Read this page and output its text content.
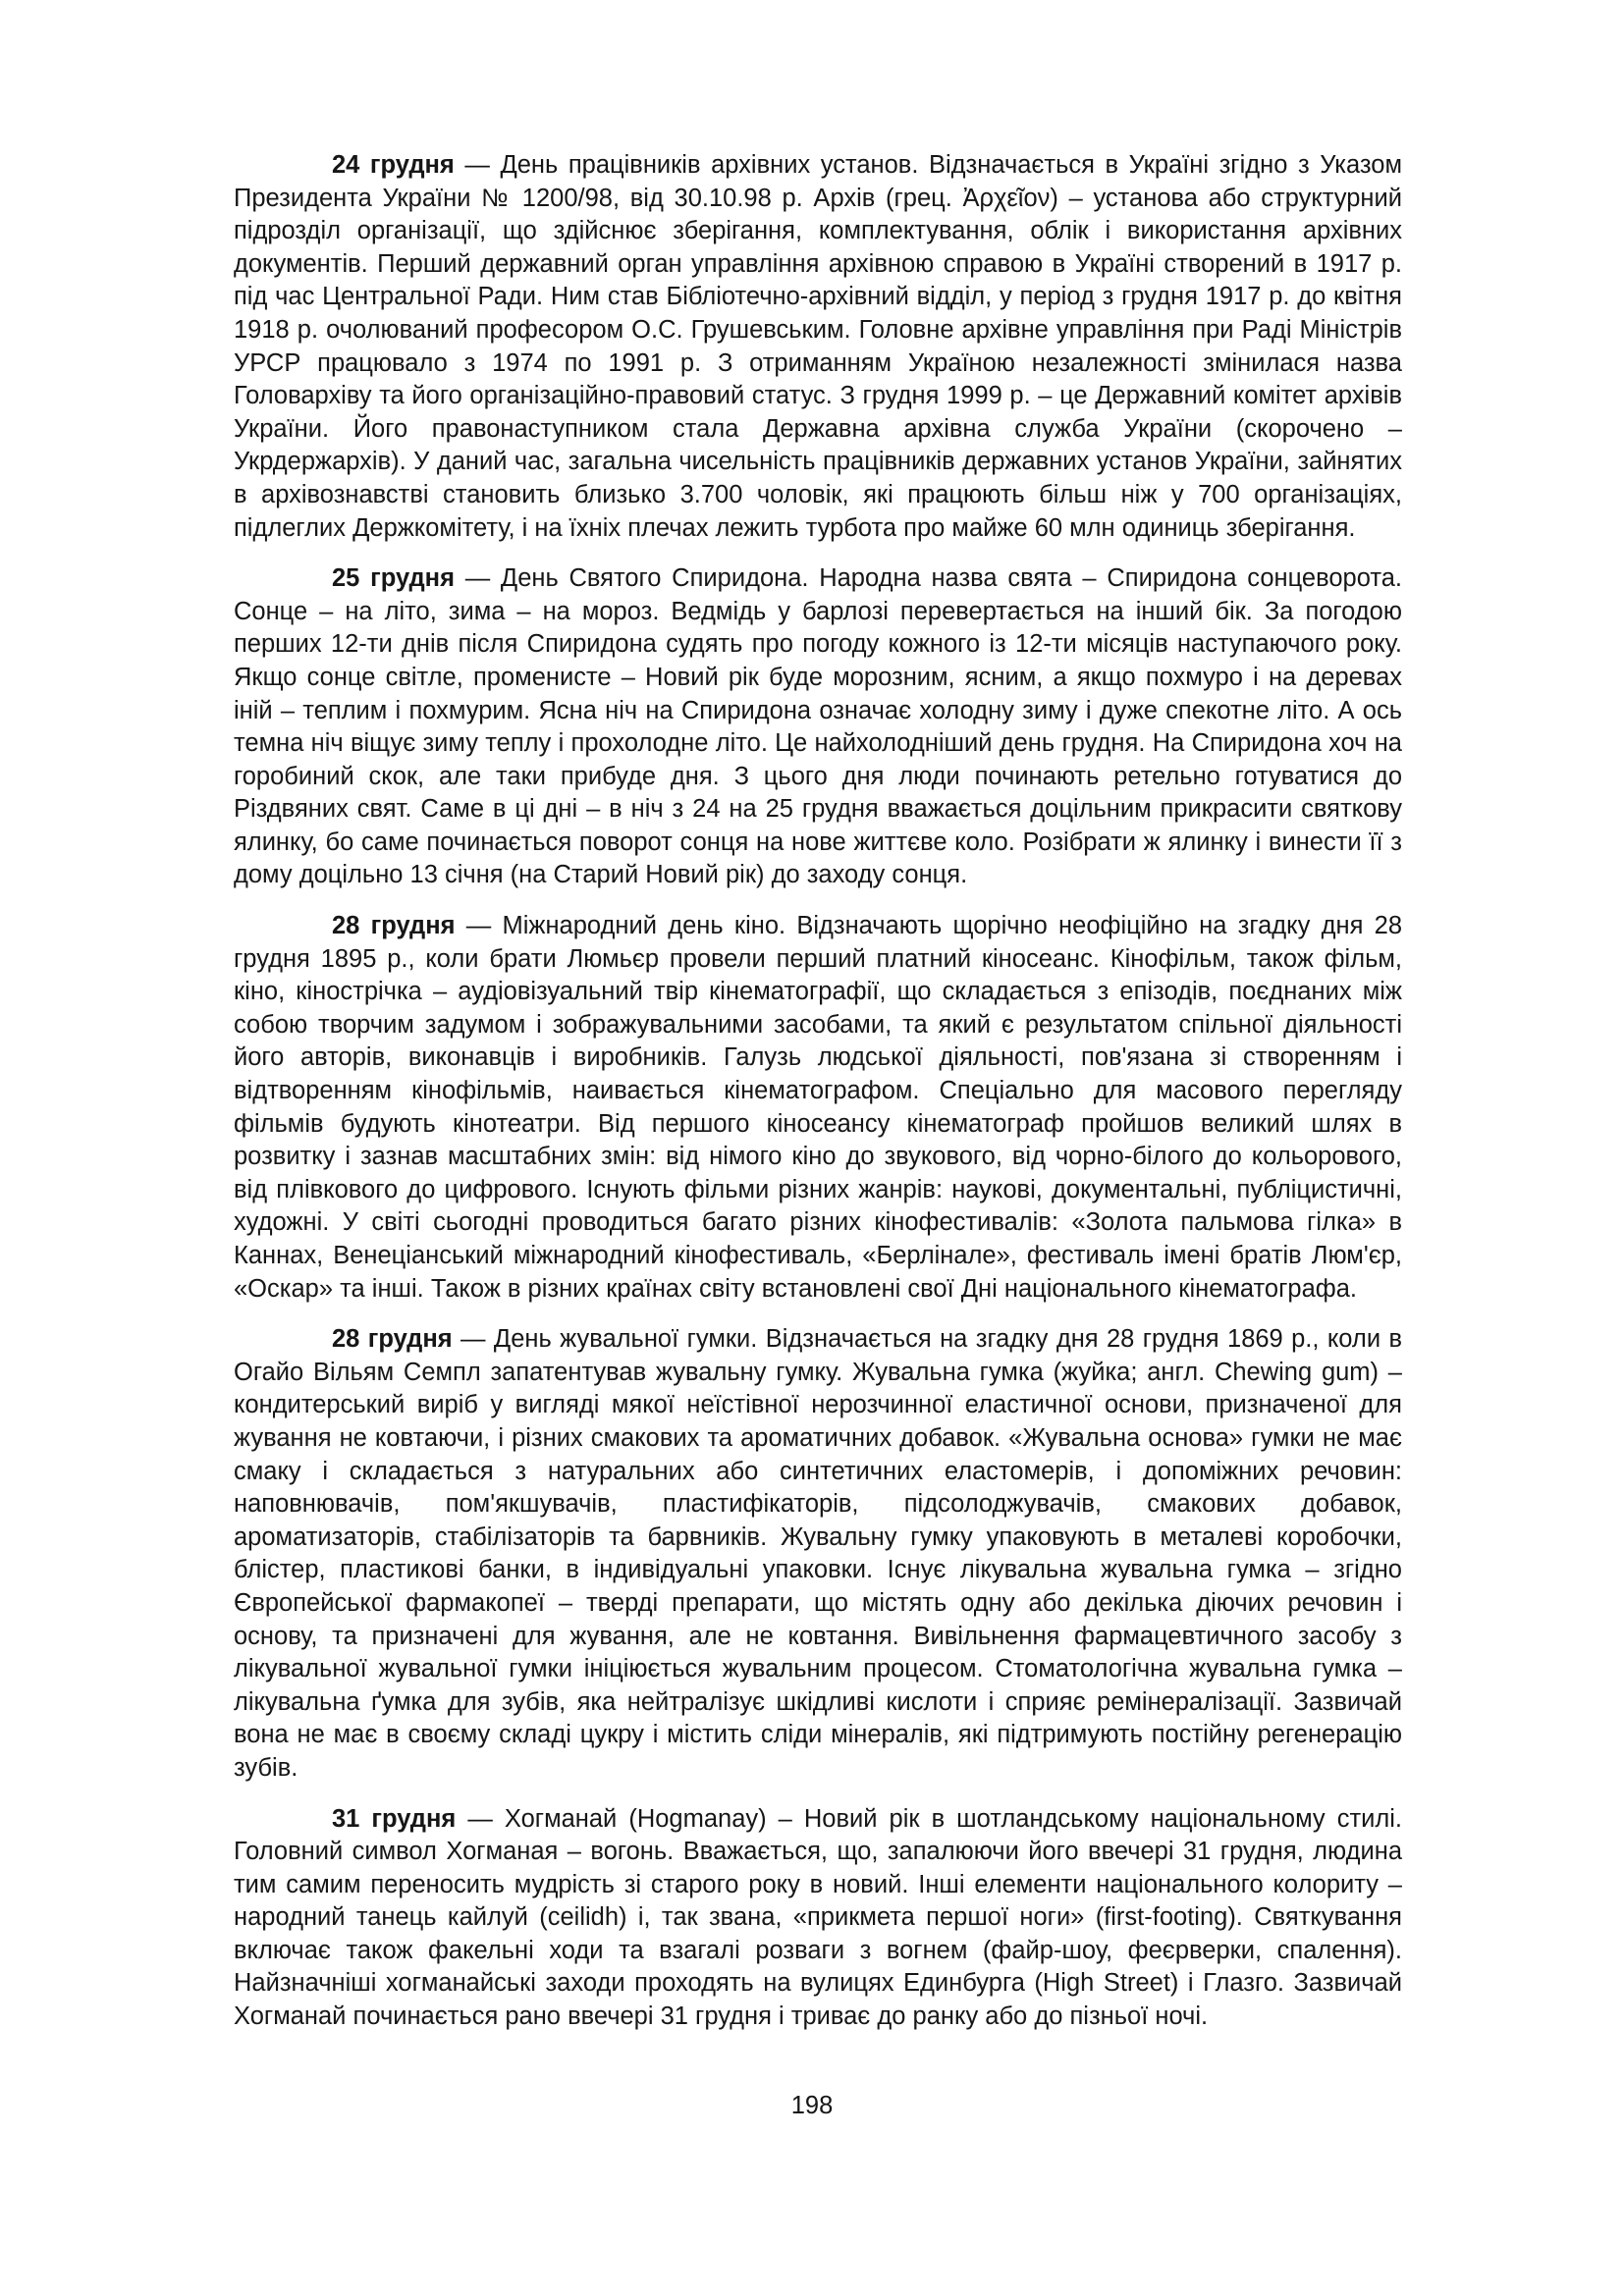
24 грудня — День працівників архівних установ. Відзначається в Україні згідно з Указом Президента України № 1200/98, від 30.10.98 р. Архів (грец. Ἀρχεῖον) – установа або структурний підрозділ організації, що здійснює зберігання, комплектування, облік і використання архівних документів. Перший державний орган управління архівною справою в Україні створений в 1917 р. під час Центральної Ради. Ним став Бібліотечно-архівний відділ, у період з грудня 1917 р. до квітня 1918 р. очолюваний професором О.С. Грушевським. Головне архівне управління при Раді Міністрів УРСР працювало з 1974 по 1991 р. З отриманням Україною незалежності змінилася назва Головархіву та його організаційно-правовий статус. З грудня 1999 р. – це Державний комітет архівів України. Його правонаступником стала Державна архівна служба України (скорочено – Укрдержархів). У даний час, загальна чисельність працівників державних установ України, зайнятих в архівознавстві становить близько 3.700 чоловік, які працюють більш ніж у 700 організаціях, підлеглих Держкомітету, і на їхніх плечах лежить турбота про майже 60 млн одиниць зберігання.

25 грудня — День Святого Спиридона. Народна назва свята – Спиридона сонцеворота. Сонце – на літо, зима – на мороз. Ведмідь у барлозі перевертається на інший бік. За погодою перших 12-ти днів після Спиридона судять про погоду кожного із 12-ти місяців наступаючого року. Якщо сонце світле, променисте – Новий рік буде морозним, ясним, а якщо похмуро і на деревах іній – теплим і похмурим. Ясна ніч на Спиридона означає холодну зиму і дуже спекотне літо. А ось темна ніч віщує зиму теплу і прохолодне літо. Це найхолодніший день грудня. На Спиридона хоч на горобиний скок, але таки прибуде дня. З цього дня люди починають ретельно готуватися до Різдвяних свят. Саме в ці дні – в ніч з 24 на 25 грудня вважається доцільним прикрасити святкову ялинку, бо саме починається поворот сонця на нове життєве коло. Розібрати ж ялинку і винести її з дому доцільно 13 січня (на Старий Новий рік) до заходу сонця.

28 грудня — Міжнародний день кіно. Відзначають щорічно неофіційно на згадку дня 28 грудня 1895 р., коли брати Люмьєр провели перший платний кіносеанс. Кінофільм, також фільм, кіно, кінострічка – аудіовізуальний твір кінематографії, що складається з епізодів, поєднаних між собою творчим задумом і зображувальними засобами, та який є результатом спільної діяльності його авторів, виконавців і виробників. Галузь людської діяльності, пов'язана зі створенням і відтворенням кінофільмів, наивається кінематографом. Спеціально для масового перегляду фільмів будують кінотеатри. Від першого кіносеансу кінематограф пройшов великий шлях в розвитку і зазнав масштабних змін: від німого кіно до звукового, від чорно-білого до кольорового, від плівкового до цифрового. Існують фільми різних жанрів: наукові, документальні, публіцистичні, художні. У світі сьогодні проводиться багато різних кінофестивалів: «Золота пальмова гілка» в Каннах, Венеціанський міжнародний кінофестиваль, «Берлінале», фестиваль імені братів Люм'єр, «Оскар» та інші. Також в різних країнах світу встановлені свої Дні національного кінематографа.

28 грудня — День жувальної гумки. Відзначається на згадку дня 28 грудня 1869 р., коли в Огайо Вільям Семпл запатентував жувальну гумку. Жувальна гумка (жуйка; англ. Chewing gum) – кондитерський виріб у вигляді мякої неїстівної нерозчинної еластичної основи, призначеної для жування не ковтаючи, і різних смакових та ароматичних добавок. «Жувальна основа» гумки не має смаку і складається з натуральних або синтетичних еластомерів, і допоміжних речовин: наповнювачів, пом'якшувачів, пластифікаторів, підсолоджувачів, смакових добавок, ароматизаторів, стабілізаторів та барвників. Жувальну гумку упаковують в металеві коробочки, блістер, пластикові банки, в індивідуальні упаковки. Існує лікувальна жувальна гумка – згідно Європейської фармакопеї – тверді препарати, що містять одну або декілька діючих речовин і основу, та призначені для жування, але не ковтання. Вивільнення фармацевтичного засобу з лікувальної жувальної гумки ініціюється жувальним процесом. Стоматологічна жувальна гумка – лікувальна ґумка для зубів, яка нейтралізує шкідливі кислоти і сприяє ремінералізації. Зазвичай вона не має в своєму складі цукру і містить сліди мінералів, які підтримують постійну регенерацію зубів.

31 грудня — Хогманай (Hogmanay) – Новий рік в шотландському національному стилі. Головний символ Хогманая – вогонь. Вважається, що, запалюючи його ввечері 31 грудня, людина тим самим переносить мудрість зі старого року в новий. Інші елементи національного колориту – народний танець кайлуй (ceilidh) і, так звана, «прикмета першої ноги» (first-footing). Святкування включає також факельні ходи та взагалі розваги з вогнем (файр-шоу, феєрверки, спалення). Найзначніші хогманайські заходи проходять на вулицях Единбурга (High Street) і Глазго. Зазвичай Хогманай починається рано ввечері 31 грудня і триває до ранку або до пізньої ночі.

198
